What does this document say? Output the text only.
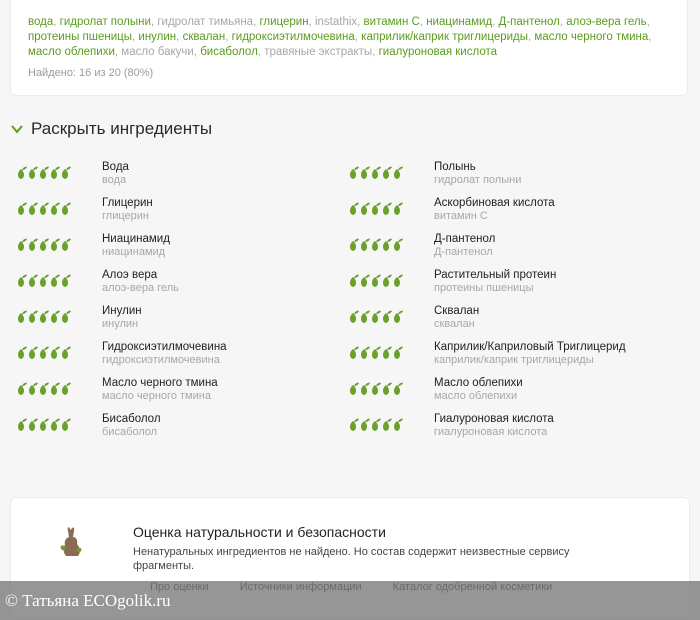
вода, гидролат полыни, гидролат тимьяна, глицерин, instathix, витамин C, ниацинамид, Д-пантенол, алоэ-вера гель, протеины пшеницы, инулин, сквалан, гидроксиэтилмочевина, каприлик/каприк триглицериды, масло черного тмина, масло облепихи, масло бакучи, бисаболол, травяные экстракты, гиалуроновая кислота
Найдено: 16 из 20 (80%)
Раскрыть ингредиенты
Вода
вода
Полынь
гидролат полыни
Глицерин
глицерин
Аскорбиновая кислота
витамин С
Ниацинамид
ниацинамид
Д-пантенол
Д-пантенол
Алоэ вера
алоэ-вера гель
Растительный протеин
протеины пшеницы
Инулин
инулин
Сквалан
сквалан
Гидроксиэтилмочевина
гидроксиэтилмочевина
Каприлик/Каприловый Триглицерид
каприлик/каприк триглицериды
Масло черного тмина
масло черного тмина
Масло облепихи
масло облепихи
Бисаболол
бисаболол
Гиалуроновая кислота
гиалуроновая кислота
Оценка натуральности и безопасности
Ненатуральных ингредиентов не найдено. Но состав содержит неизвестные сервису фрагменты.
© Татьяна ECOgolik.ru
